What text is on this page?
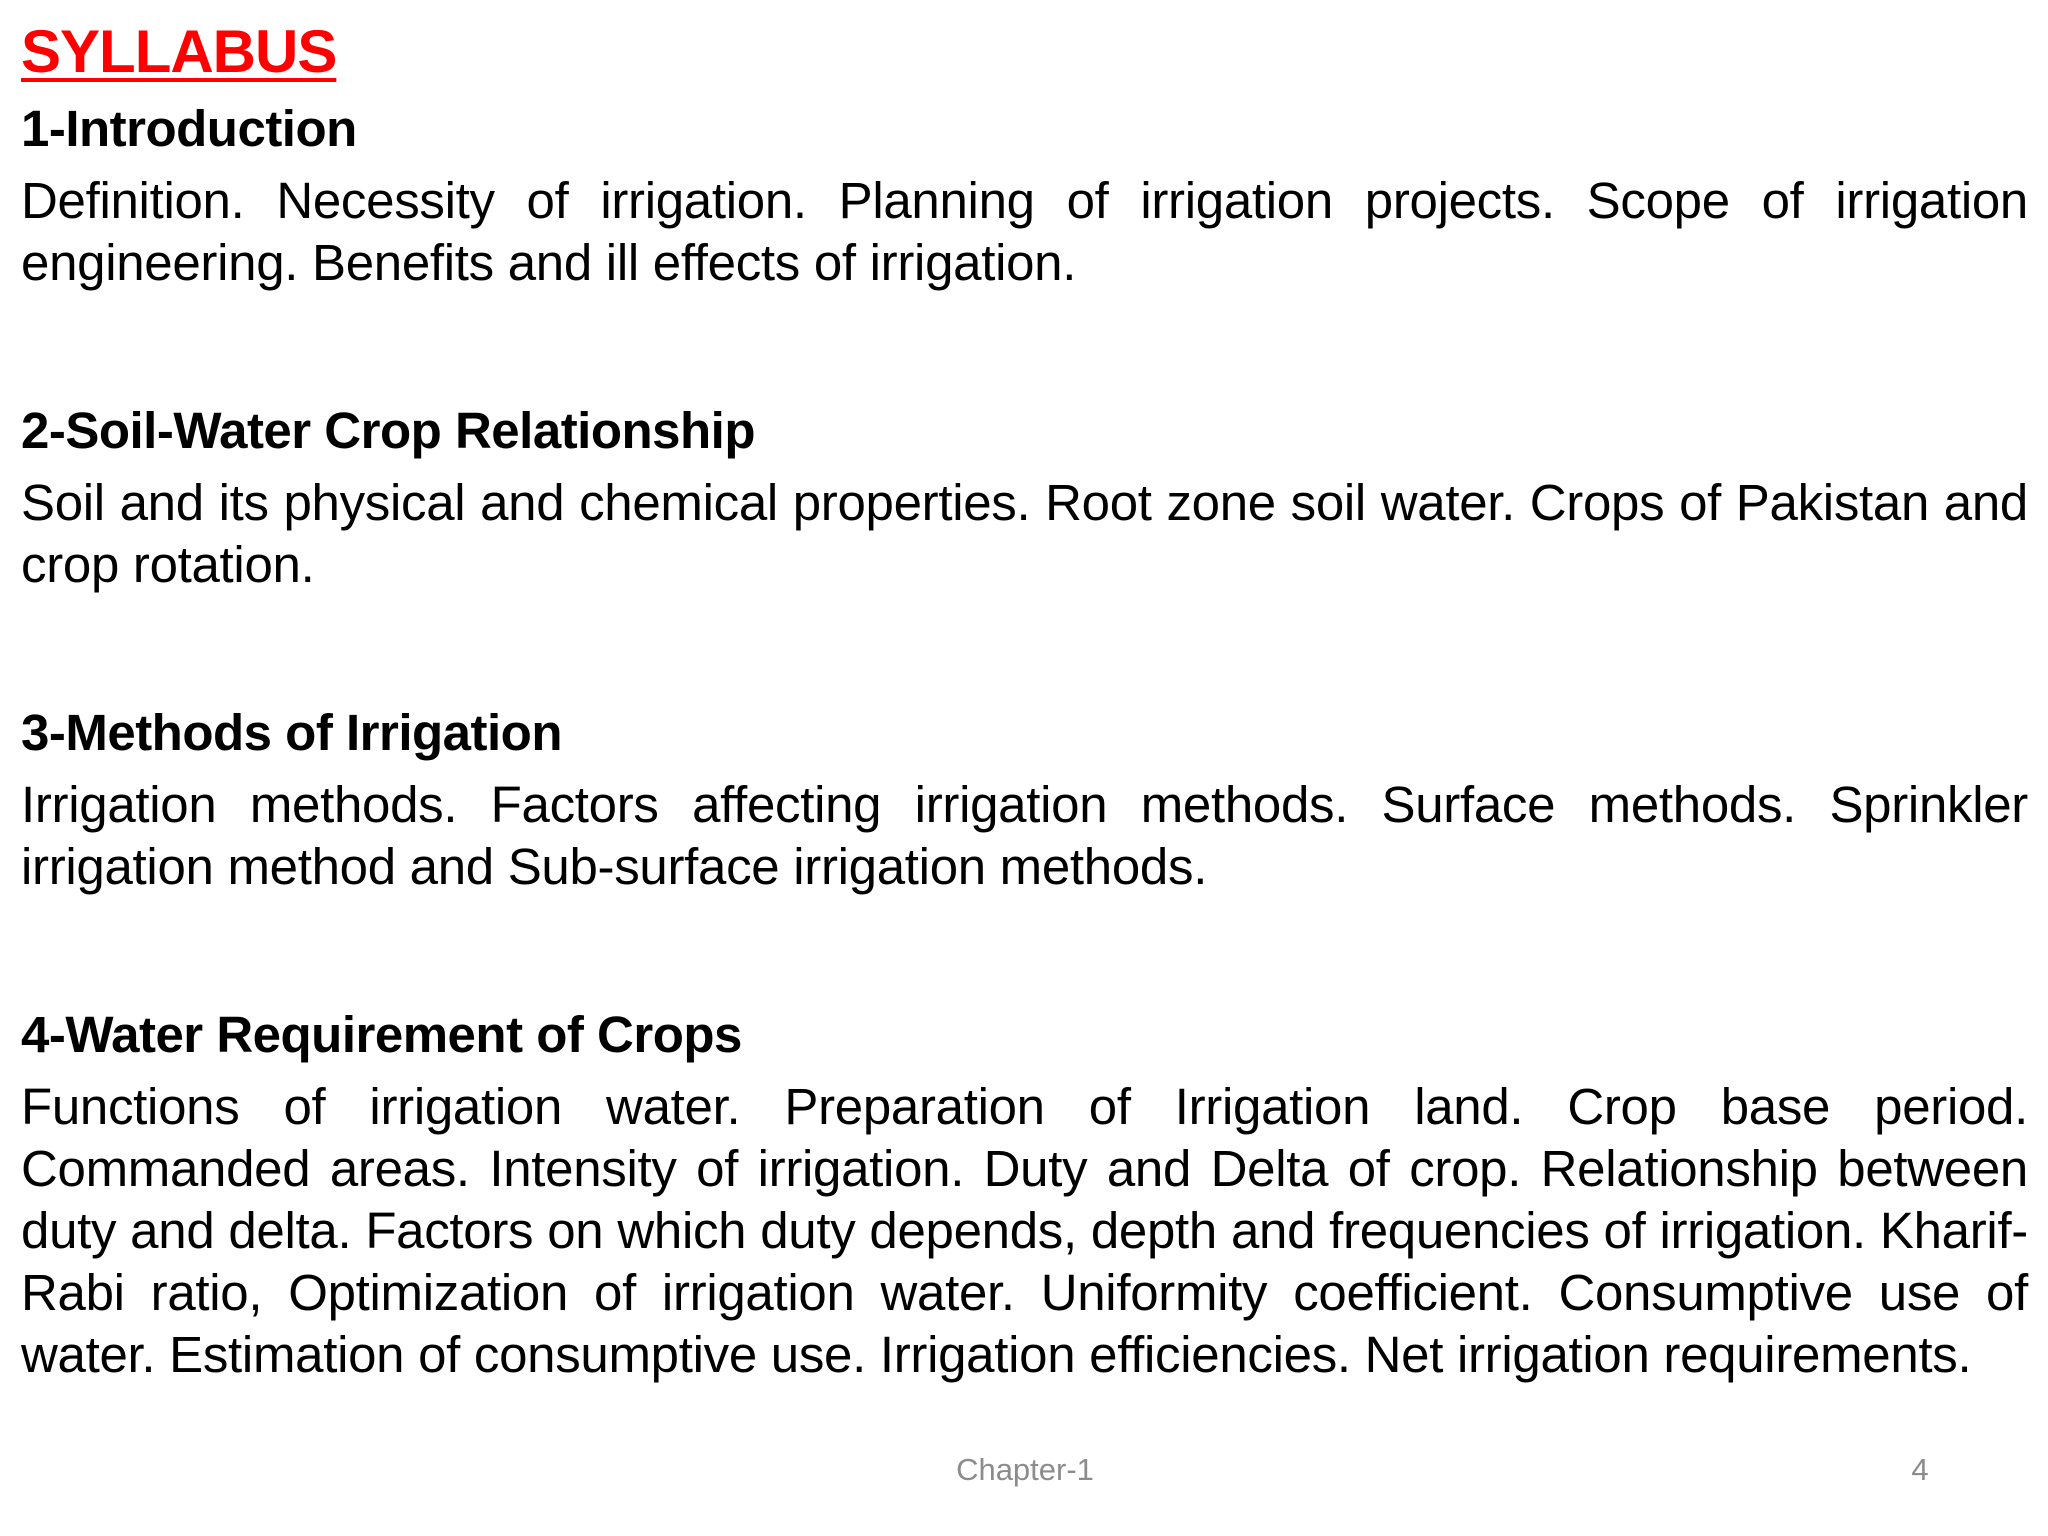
SYLLABUS
1-Introduction

Definition. Necessity of irrigation. Planning of irrigation projects. Scope of irrigation engineering. Benefits and ill effects of irrigation.

2-Soil-Water Crop Relationship

Soil and its physical and chemical properties. Root zone soil water. Crops of Pakistan and crop rotation.

3-Methods of Irrigation

Irrigation methods. Factors affecting irrigation methods. Surface methods. Sprinkler irrigation method and Sub-surface irrigation methods.

4-Water Requirement of Crops

Functions of irrigation water. Preparation of Irrigation land. Crop base period. Commanded areas. Intensity of irrigation. Duty and Delta of crop. Relationship between duty and delta. Factors on which duty depends, depth and frequencies of irrigation. Kharif-Rabi ratio, Optimization of irrigation water. Uniformity coefficient. Consumptive use of water. Estimation of consumptive use. Irrigation efficiencies. Net irrigation requirements.

Chapter-1	4
